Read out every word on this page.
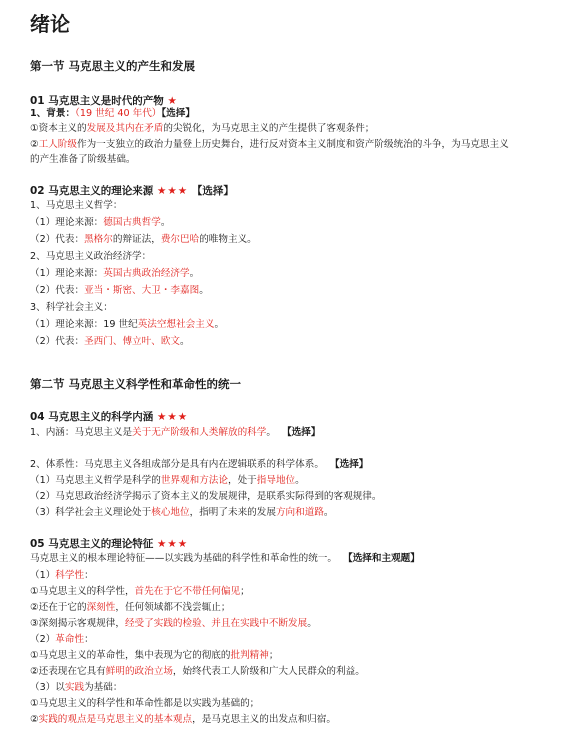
绪论
第一节 马克思主义的产生和发展
01 马克思主义是时代的产物 ★
1、背景：（19 世纪 40 年代）【选择】
①资本主义的发展及其内在矛盾的尖锐化，为马克思主义的产生提供了客观条件；
②工人阶级作为一支独立的政治力量登上历史舞台，进行反对资本主义制度和资产阶级统治的斗争，为马克思主义
的产生准备了阶级基础。
02 马克思主义的理论来源 ★★★ 【选择】
1、马克思主义哲学：
（1）理论来源：德国古典哲学。
（2）代表：黑格尔的辩证法，费尔巴哈的唯物主义。
2、马克思主义政治经济学：
（1）理论来源：英国古典政治经济学。
（2）代表：亚当・斯密、大卫・李嘉图。
3、科学社会主义：
（1）理论来源：19 世纪英法空想社会主义。
（2）代表：圣西门、傅立叶、欧文。
第二节 马克思主义科学性和革命性的统一
04 马克思主义的科学内涵 ★★★
1、内涵：马克思主义是关于无产阶级和人类解放的科学。 【选择】
2、体系性：马克思主义各组成部分是具有内在逻辑联系的科学体系。 【选择】
（1）马克思主义哲学是科学的世界观和方法论，处于指导地位。
（2）马克思政治经济学揭示了资本主义的发展规律，是联系实际得到的客观规律。
（3）科学社会主义理论处于核心地位，指明了未来的发展方向和道路。
05 马克思主义的理论特征 ★★★
马克思主义的根本理论特征——以实践为基础的科学性和革命性的统一。 【选择和主观题】
（1）科学性：
①马克思主义的科学性，首先在于它不带任何偏见；
②还在于它的深刻性，任何领域都不浅尝辄止；
③深刻揭示客观规律，经受了实践的检验、并且在实践中不断发展。
（2）革命性：
①马克思主义的革命性，集中表现为它的彻底的批判精神；
②还表现在它具有鲜明的政治立场，始终代表工人阶级和广大人民群众的利益。
（3）以实践为基础：
①马克思主义的科学性和革命性都是以实践为基础的；
②实践的观点是马克思主义的基本观点，是马克思主义的出发点和归宿。
